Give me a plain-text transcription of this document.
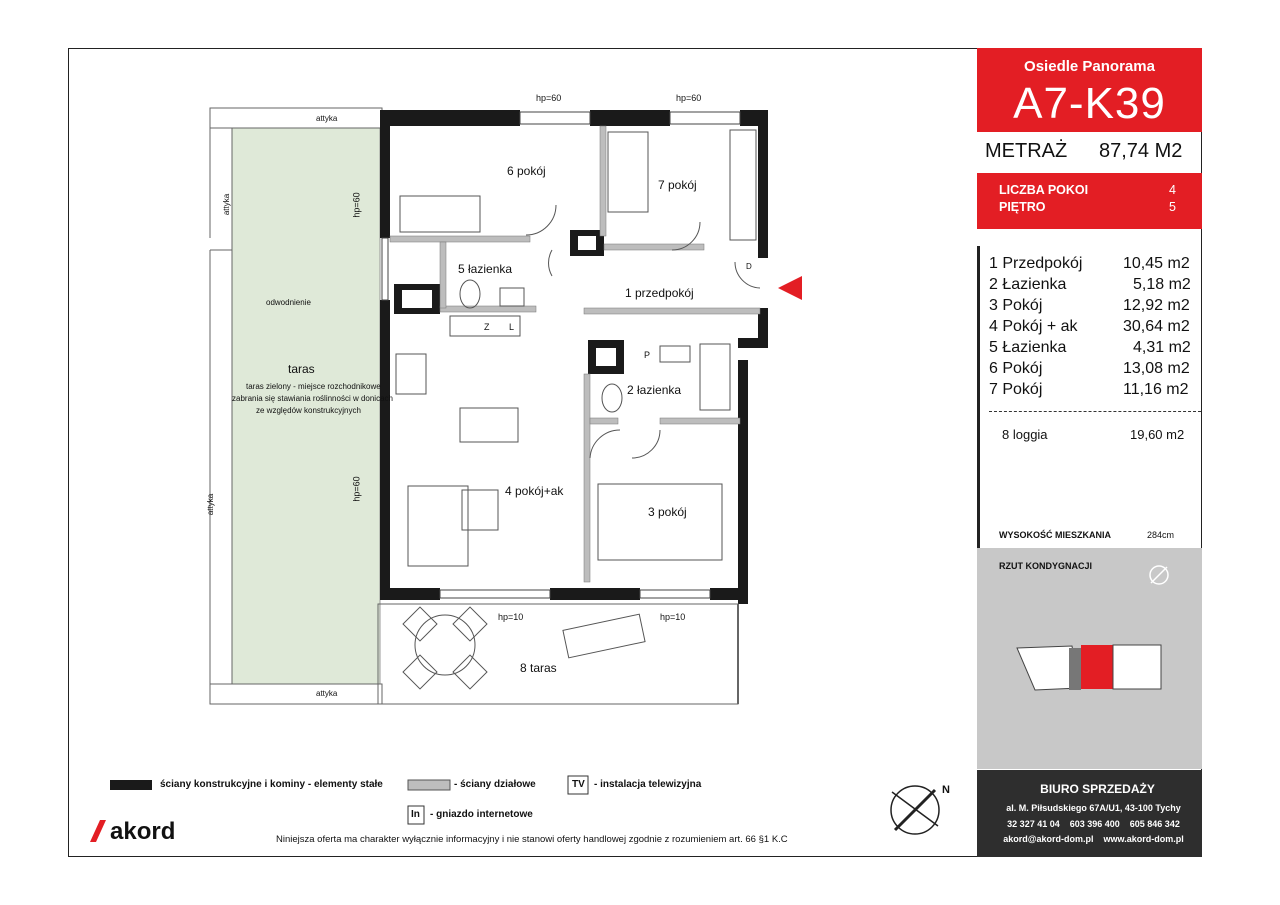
6 pokój
7 pokój
5 łazienka
1 przedpokój
2 łazienka
4 pokój+ak
3 pokój
8 taras
taras
taras zielony - miejsce rozchodnikowe
zabrania się stawiania roślinności w donicach
ze względów konstrukcyjnych
odwodnienie
hp=60	hp=60
hp=60
hp=60
hp=10	hp=10
attyka
attyka
attyka
attyka
Z L
P
D
ściany konstrukcyjne i kominy - elementy stałe	- ściany działowe	TV - instalacja telewizyjna
In - gniazdo internetowe
Niniejsza oferta ma charakter wyłącznie informacyjny i nie stanowi oferty handlowej zgodnie z rozumieniem art. 66 §1 K.C
N
akord
Osiedle Panorama
A7-K39
METRAŻ 87,74 M2
LICZBA POKOI	4
PIĘTRO	5
1 Przedpokój	10,45 m2
2 Łazienka	5,18 m2
3 Pokój	12,92 m2
4 Pokój + ak	30,64 m2
5 Łazienka	4,31 m2
6 Pokój	13,08 m2
7 Pokój	11,16 m2
8 loggia	19,60 m2
WYSOKOŚĆ MIESZKANIA	284cm
RZUT KONDYGNACJI
BIURO SPRZEDAŻY
al. M. Piłsudskiego 67A/U1, 43-100 Tychy
32 327 41 04    603 396 400    605 846 342
akord@akord-dom.pl    www.akord-dom.pl
